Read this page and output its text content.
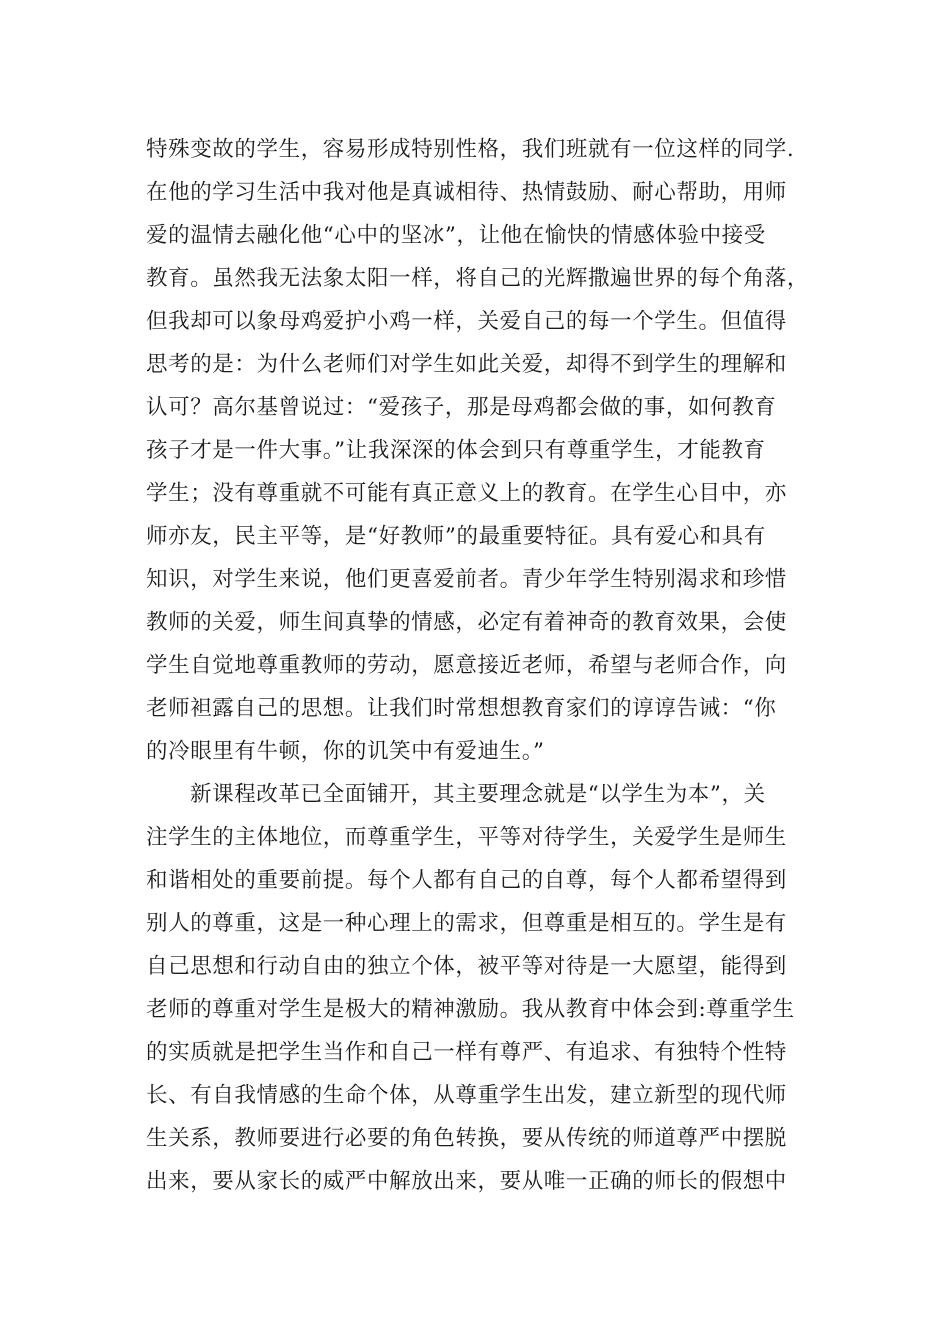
特殊变故的学生，容易形成特别性格，我们班就有一位这样的同学.
在他的学习生活中我对他是真诚相待、热情鼓励、耐心帮助，用师
爱的温情去融化他“心中的坚冰”，让他在愉快的情感体验中接受
教育。虽然我无法象太阳一样，将自己的光辉撒遍世界的每个角落，
但我却可以象母鸡爱护小鸡一样，关爱自己的每一个学生。但值得
思考的是：为什么老师们对学生如此关爱，却得不到学生的理解和
认可？高尔基曾说过：“爱孩子，那是母鸡都会做的事，如何教育
孩子才是一件大事。”让我深深的体会到只有尊重学生，才能教育
学生；没有尊重就不可能有真正意义上的教育。在学生心目中，亦
师亦友，民主平等，是“好教师”的最重要特征。具有爱心和具有
知识，对学生来说，他们更喜爱前者。青少年学生特别渴求和珍惜
教师的关爱，师生间真挚的情感，必定有着神奇的教育效果，会使
学生自觉地尊重教师的劳动，愿意接近老师，希望与老师合作，向
老师袒露自己的思想。让我们时常想想教育家们的谆谆告诫：“你
的冷眼里有牛顿，你的讥笑中有爱迪生。”
新课程改革已全面铺开，其主要理念就是“以学生为本”，关
注学生的主体地位，而尊重学生，平等对待学生，关爱学生是师生
和谐相处的重要前提。每个人都有自己的自尊，每个人都希望得到
别人的尊重，这是一种心理上的需求，但尊重是相互的。学生是有
自己思想和行动自由的独立个体，被平等对待是一大愿望，能得到
老师的尊重对学生是极大的精神激励。我从教育中体会到:尊重学生
的实质就是把学生当作和自己一样有尊严、有追求、有独特个性特
长、有自我情感的生命个体，从尊重学生出发，建立新型的现代师
生关系，教师要进行必要的角色转换，要从传统的师道尊严中摆脱
出来，要从家长的威严中解放出来，要从唯一正确的师长的假想中
